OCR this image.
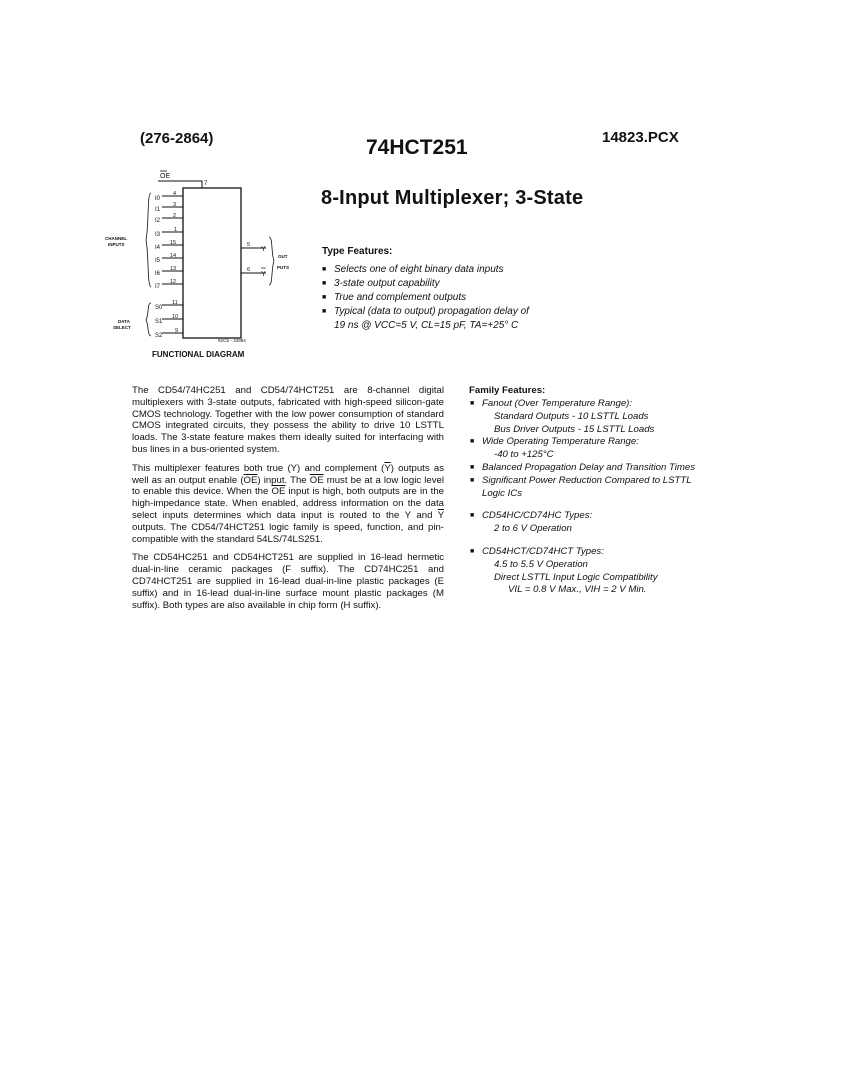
(276-2864)	74HCT251	14823.PCX
8-Input Multiplexer; 3-State
Type Features:
■ Selects one of eight binary data inputs
■ 3-state output capability
■ True and complement outputs
■ Typical (data to output) propagation delay of
19 ns @ VCC=5 V, CL=15 pF, TA=+25° C
OE
7
I0
I1
I2
I3
I4
I5
I6
I7
4
3
2
1
15
14
13
12
S0
S1
S2
11
10
9
CHANNEL
INPUTS
DATA
SELECT
5
6
Y
Y
OUT
PUTS
92CS - 34984
FUNCTIONAL DIAGRAM

The CD54/74HC251 and CD54/74HCT251 are 8-channel digital multiplexers with 3-state outputs, fabricated with high-speed silicon-gate CMOS technology. Together with the low power consumption of standard CMOS integrated circuits, they possess the ability to drive 10 LSTTL loads. The 3-state feature makes them ideally suited for interfacing with bus lines in a bus-oriented system.

This multiplexer features both true (Y) and complement $(\overline{Y})$ outputs as well as an output enable $(\overline{OE})$ input. The $\overline{OE}$ must be at a low logic level to enable this device. When the $\overline{OE}$ input is high, both outputs are in the high-impedance state. When enabled, address information on the data select inputs determines which data input is routed to the Y and $\overline{Y}$ outputs. The CD54/74HCT251 logic family is speed, function, and pin-compatible with the standard 54LS/74LS251.

The CD54HC251 and CD54HCT251 are supplied in 16-lead hermetic dual-in-line ceramic packages (F suffix). The CD74HC251 and CD74HCT251 are supplied in 16-lead dual-in-line plastic packages (E suffix) and in 16-lead dual-in-line surface mount plastic packages (M suffix). Both types are also available in chip form (H suffix).

Family Features:
■ Fanout (Over Temperature Range):
Standard Outputs - 10 LSTTL Loads
Bus Driver Outputs - 15 LSTTL Loads
■ Wide Operating Temperature Range:
-40 to +125°C
■ Balanced Propagation Delay and Transition Times
■ Significant Power Reduction Compared to LSTTL
Logic ICs
■ CD54HC/CD74HC Types:
2 to 6 V Operation
■ CD54HCT/CD74HCT Types:
4.5 to 5.5 V Operation
Direct LSTTL Input Logic Compatibility
VIL = 0.8 V Max., VIH = 2 V Min.
